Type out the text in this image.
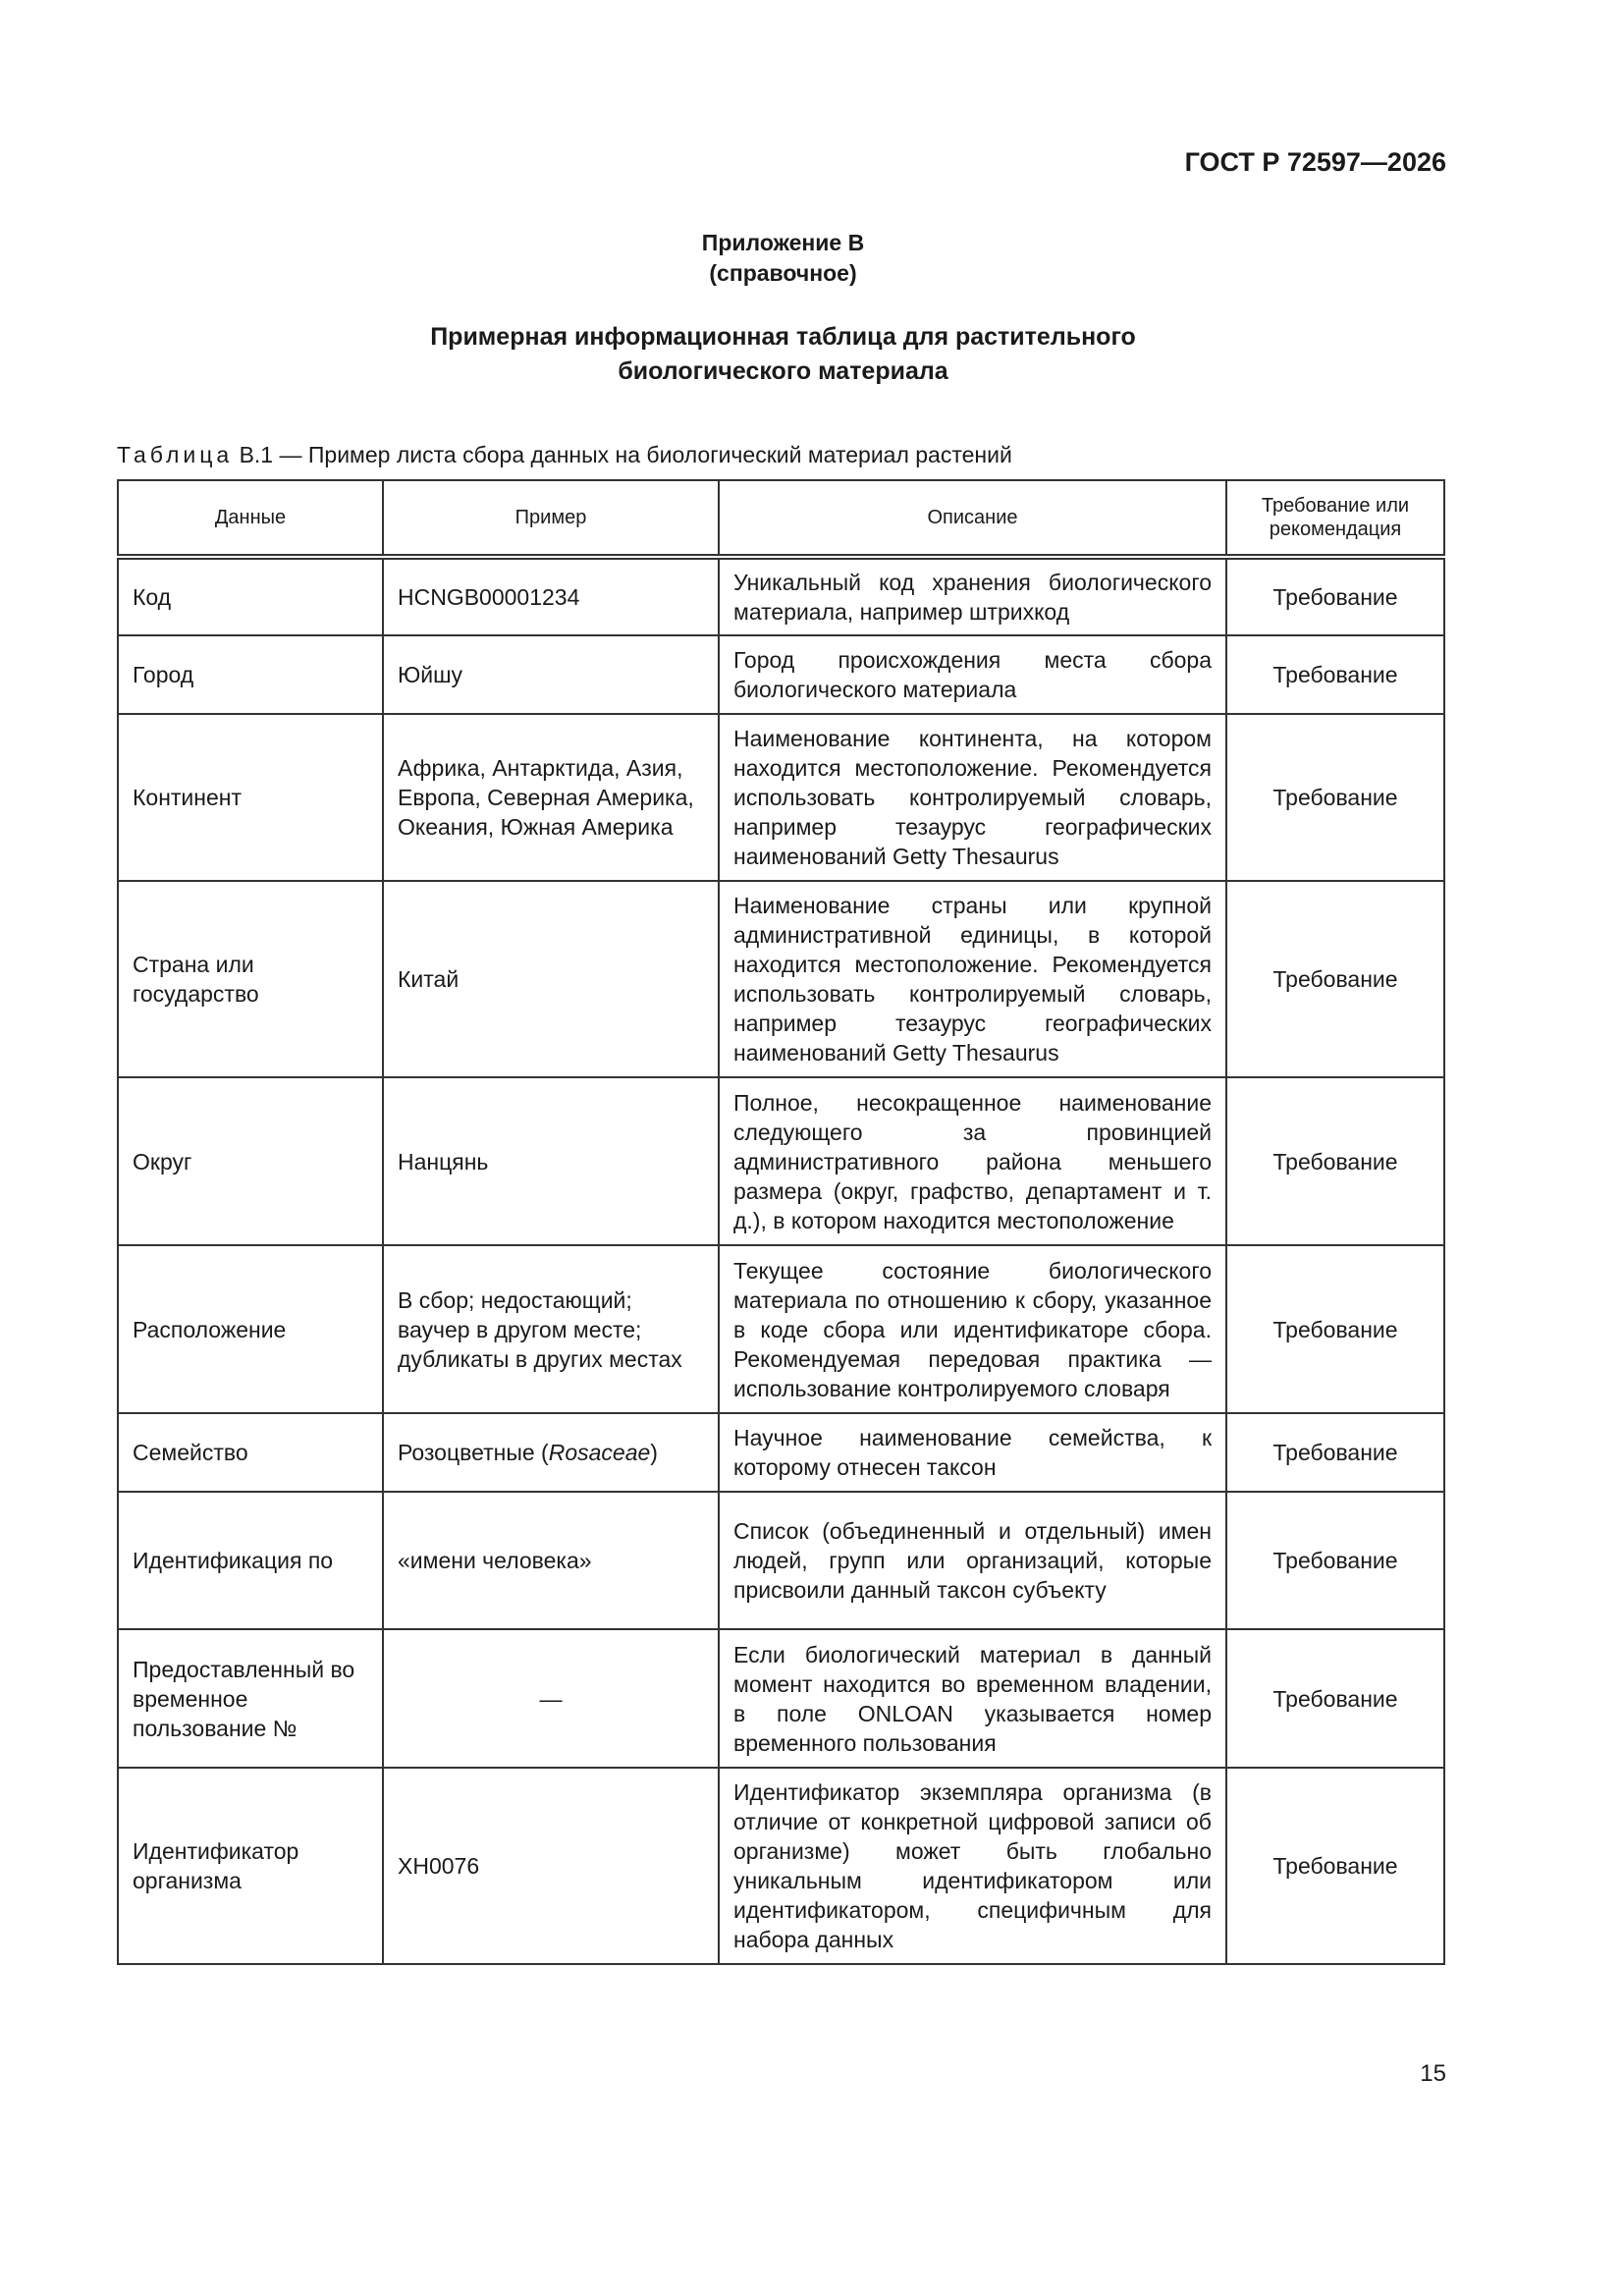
ГОСТ Р 72597—2026
Приложение В
(справочное)
Примерная информационная таблица для растительного
биологического материала
Таблица В.1 — Пример листа сбора данных на биологический материал растений
Данные	Пример	Описание	Требование или рекомендация
Код	HCNGB00001234	Уникальный код хранения биологического материала, например штрихкод	Требование
Город	Юйшу	Город происхождения места сбора биологического материала	Требование
Континент	Африка, Антарктида, Азия, Европа, Северная Америка, Океания, Южная Америка	Наименование континента, на котором находится местоположение. Рекомендуется использовать контролируемый словарь, например тезаурус географических наименований Getty Thesaurus	Требование
Страна или государство	Китай	Наименование страны или крупной административной единицы, в которой находится местоположение. Рекомендуется использовать контролируемый словарь, например тезаурус географических наименований Getty Thesaurus	Требование
Округ	Нанцянь	Полное, несокращенное наименование следующего за провинцией административного района меньшего размера (округ, графство, департамент и т. д.), в котором находится местоположение	Требование
Расположение	В сбор; недостающий; ваучер в другом месте; дубликаты в других местах	Текущее состояние биологического материала по отношению к сбору, указанное в коде сбора или идентификаторе сбора. Рекомендуемая передовая практика — использование контролируемого словаря	Требование
Семейство	Розоцветные (Rosaceae)	Научное наименование семейства, к которому отнесен таксон	Требование
Идентификация по	«имени человека»	Список (объединенный и отдельный) имен людей, групп или организаций, которые присвоили данный таксон субъекту	Требование
Предоставленный во временное пользование №	—	Если биологический материал в данный момент находится во временном владении, в поле ONLOAN указывается номер временного пользования	Требование
Идентификатор организма	XH0076	Идентификатор экземпляра организма (в отличие от конкретной цифровой записи об организме) может быть глобально уникальным идентификатором или идентификатором, специфичным для набора данных	Требование
15
